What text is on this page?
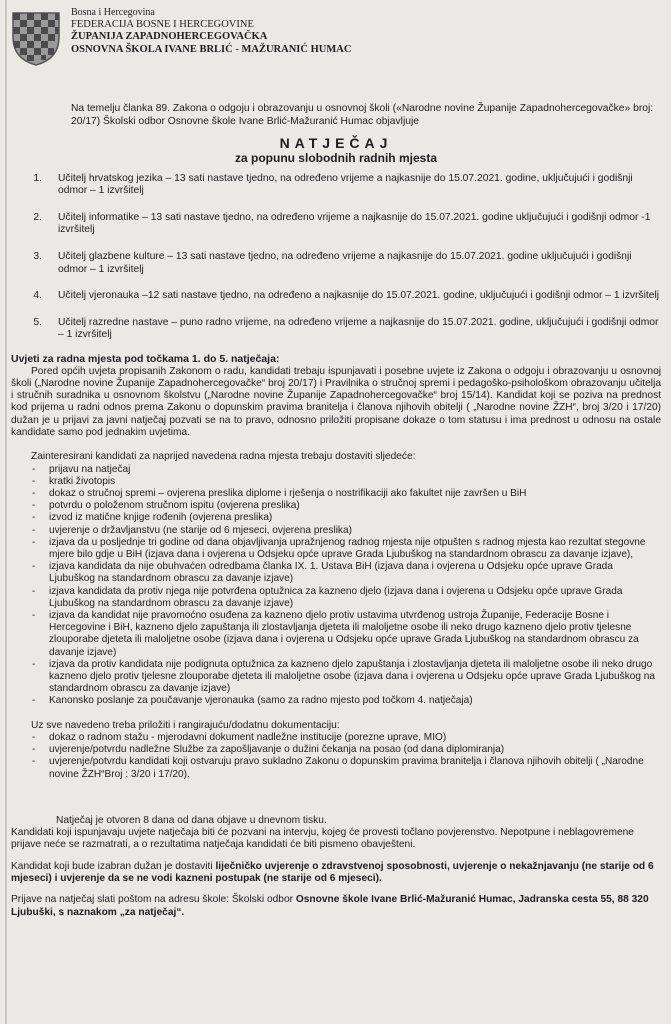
Bosna i Hercegovina
FEDERACIJA BOSNE I HERCEGOVINE
ŽUPANIJA ZAPADNOHERCEGOVAČKA
OSNOVNA ŠKOLA IVANE BRLIĆ - MAŽURANIĆ HUMAC
Na temelju članka 89. Zakona o odgoju i obrazovanju u osnovnoj školi («Narodne novine Županije Zapadnohercegovačke» broj: 20/17) Školski odbor Osnovne škole Ivane Brlić-Mažuranić Humac objavljuje
NATJEČAJ
za popunu slobodnih radnih mjesta
1.	Učitelj hrvatskog jezika – 13 sati nastave tjedno, na određeno vrijeme a najkasnije do 15.07.2021. godine, uključujući i godišnji odmor – 1 izvršitelj
2.	Učitelj informatike – 13 sati nastave tjedno, na određeno vrijeme a najkasnije do 15.07.2021. godine uključujući i godišnji odmor -1 izvršitelj
3.	Učitelj glazbene kulture – 13 sati nastave tjedno, na određeno vrijeme a najkasnije do 15.07.2021. godine uključujući i godišnji odmor – 1 izvršitelj
4.	Učitelj vjeronauka –12 sati nastave tjedno, na određeno a najkasnije do 15.07.2021. godine, uključujući i godišnji odmor – 1 izvršitelj
5.	Učitelj razredne nastave – puno radno vrijeme, na određeno vrijeme a najkasnije do 15.07.2021. godine, uključujući i godišnji odmor – 1 izvršitelj
Uvjeti za radna mjesta pod točkama 1. do 5. natječaja:
Pored općih uvjeta propisanih Zakonom o radu, kandidati trebaju ispunjavati i posebne uvjete iz Zakona o odgoju i obrazovanju u osnovnoj školi („Narodne novine Županije Zapadnohercegovačke“ broj 20/17) i Pravilnika o stručnoj spremi i pedagoško-psihološkom obrazovanju učitelja i stručnih suradnika u osnovnom školstvu („Narodne novine Županije Zapadnohercegovačke“ broj 15/14). Kandidat koji se poziva na prednost kod prijema u radni odnos prema Zakonu o dopunskim pravima branitelja i članova njihovih obitelji ( „Narodne novine ŽZH“, broj 3/20 i 17/20) dužan je u prijavi za javni natječaj pozvati se na to pravo, odnosno priložiti propisane dokaze o tom statusu i ima prednost u odnosu na ostale kandidate samo pod jednakim uvjetima.
Zainteresirani kandidati za naprijed navedena radna mjesta trebaju dostaviti sljedeće:
-	prijavu na natječaj
-	kratki životopis
-	dokaz o stručnoj spremi – ovjerena preslika diplome i rješenja o nostrifikaciji ako fakultet nije završen u BiH
-	potvrdu o položenom stručnom ispitu (ovjerena preslika)
-	izvod iz matične knjige rođenih (ovjerena preslika)
-	uvjerenje o državljanstvu (ne starije od 6 mjeseci, ovjerena preslika)
-	izjava da u posljednje tri godine od dana objavljivanja upražnjenog radnog mjesta nije otpušten s radnog mjesta kao rezultat stegovne mjere bilo gdje u BiH (izjava dana i ovjerena u Odsjeku opće uprave Grada Ljubuškog na standardnom obrascu za davanje izjave),
-	izjava kandidata da nije obuhvaćen odredbama članka IX. 1. Ustava BiH (izjava dana i ovjerena u Odsjeku opće uprave Grada Ljubuškog na standardnom obrascu za davanje izjave)
-	izjava kandidata da protiv njega nije potvrđena optužnica za kazneno djelo (izjava dana i ovjerena u Odsjeku opće uprave Grada Ljubuškog na standardnom obrascu za davanje izjave)
-	izjava da kandidat nije pravomoćno osuđena za kazneno djelo protiv ustavima utvrđenog ustroja Županije, Federacije Bosne i Hercegovine i BiH, kazneno djelo zapuštanja ili zlostavljanja djeteta ili maloljetne osobe ili neko drugo kazneno djelo protiv tjelesne zlouporabe djeteta ili maloljetne osobe (izjava dana i ovjerena u Odsjeku opće uprave Grada Ljubuškog na standardnom obrascu za davanje izjave)
-	izjava da protiv kandidata nije podignuta optužnica za kazneno djelo zapuštanja i zlostavljanja djeteta ili maloljetne osobe ili neko drugo kazneno djelo protiv tjelesne zlouporabe djeteta ili maloljetne osobe (izjava dana i ovjerena u Odsjeku opće uprave Grada Ljubuškog na standardnom obrascu za davanje izjave)
-	Kanonsko poslanje za poučavanje vjeronauka (samo za radno mjesto pod točkom 4. natječaja)
Uz sve navedeno treba priložiti i rangirajuću/dodatnu dokumentaciju:
-	dokaz o radnom stažu - mjerodavni dokument nadležne institucije (porezne uprave, MIO)
-	uvjerenje/potvrdu nadležne Službe za zapošljavanje o dužini čekanja na posao (od dana diplomiranja)
-	uvjerenje/potvrdu kandidati koji ostvaruju pravo sukladno Zakonu o dopunskim pravima branitelja i članova njihovih obitelji ( „Narodne novine ŽZH“Broj : 3/20 i 17/20).
Natječaj je otvoren 8 dana od dana objave u dnevnom tisku.
Kandidati koji ispunjavaju uvjete natječaja biti će pozvani na intervju, kojeg će provesti točlano povjerenstvo. Nepotpune i neblagovremene prijave neće se razmatrati, a o rezultatima natječaja kandidati će biti pismeno obavješteni.
Kandidat koji bude izabran dužan je dostaviti liječničko uvjerenje o zdravstvenoj sposobnosti, uvjerenje o nekažnjavanju (ne starije od 6 mjeseci) i uvjerenje da se ne vodi kazneni postupak (ne starije od 6 mjeseci).
Prijave na natječaj slati poštom na adresu škole: Školski odbor Osnovne škole Ivane Brlić-Mažuranić Humac, Jadranska cesta 55, 88 320 Ljubuški, s naznakom „za natječaj“.
